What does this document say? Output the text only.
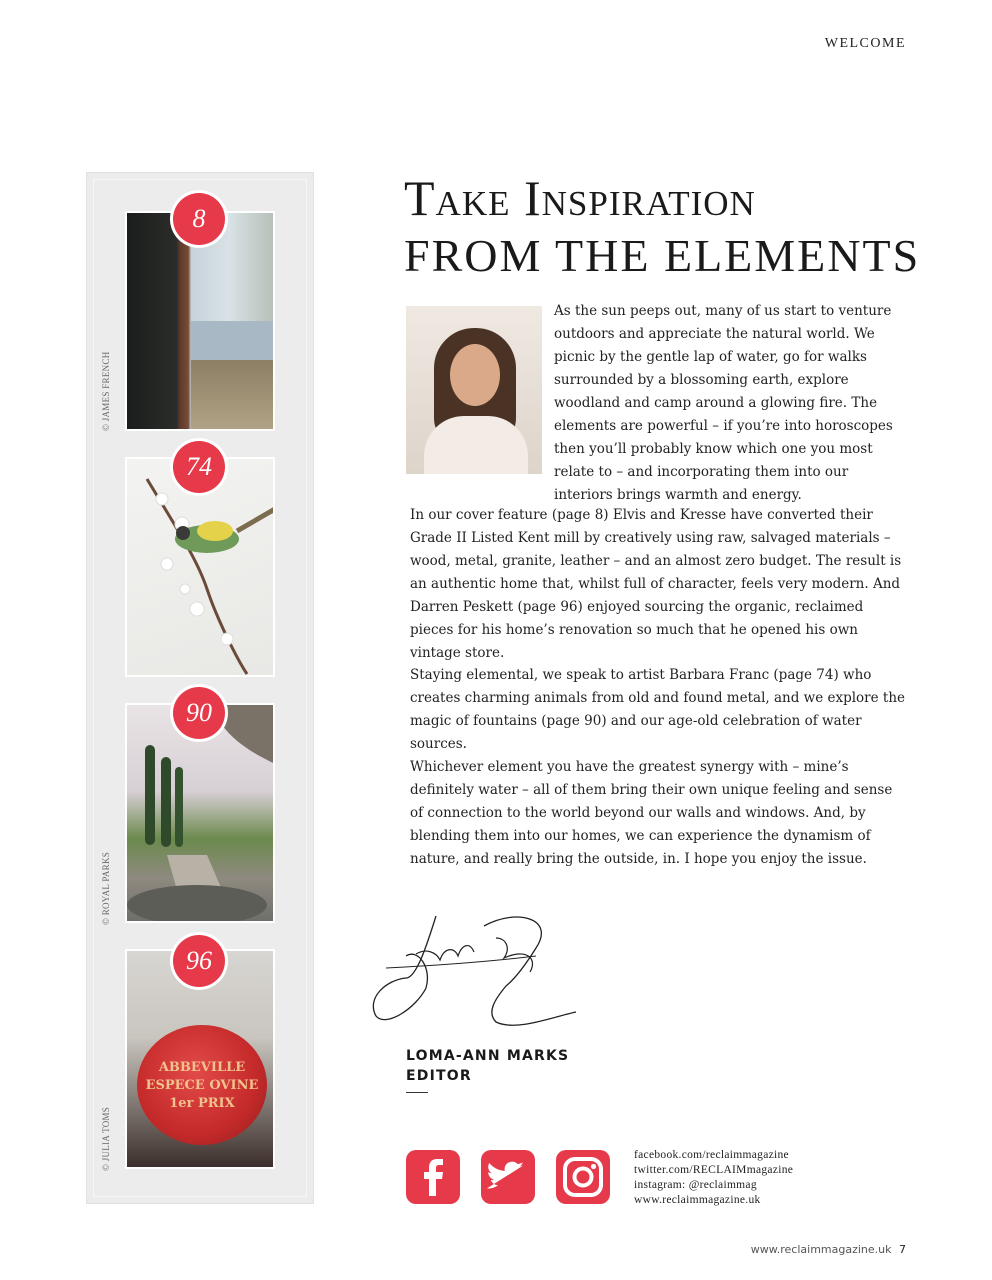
WELCOME
8
74
90
ABBEVILLE
ESPECE OVINE
1er PRIX
96
© JAMES FRENCH
© ROYAL PARKS
© JULIA TOMS
Take Inspiration
FROM THE ELEMENTS

As the sun peeps out, many of us start to venture outdoors and appreciate the natural world. We picnic by the gentle lap of water, go for walks surrounded by a blossoming earth, explore woodland and camp around a glowing fire. The elements are powerful – if you’re into horoscopes then you’ll probably know which one you most relate to – and incorporating them into our interiors brings warmth and energy.

In our cover feature (page 8) Elvis and Kresse have converted their Grade II Listed Kent mill by creatively using raw, salvaged materials – wood, metal, granite, leather – and an almost zero budget. The result is an authentic home that, whilst full of character, feels very modern. And Darren Peskett (page 96) enjoyed sourcing the organic, reclaimed pieces for his home’s renovation so much that he opened his own vintage store.

Staying elemental, we speak to artist Barbara Franc (page 74) who creates charming animals from old and found metal, and we explore the magic of fountains (page 90) and our age-old celebration of water sources.

Whichever element you have the greatest synergy with – mine’s definitely water – all of them bring their own unique feeling and sense of connection to the world beyond our walls and windows. And, by blending them into our homes, we can experience the dynamism of nature, and really bring the outside, in. I hope you enjoy the issue.

LOMA-ANN MARKS
EDITOR
facebook.com/reclaimmagazine
twitter.com/RECLAIMmagazine
instagram: @reclaimmag
www.reclaimmagazine.uk
www.reclaimmagazine.uk 7
